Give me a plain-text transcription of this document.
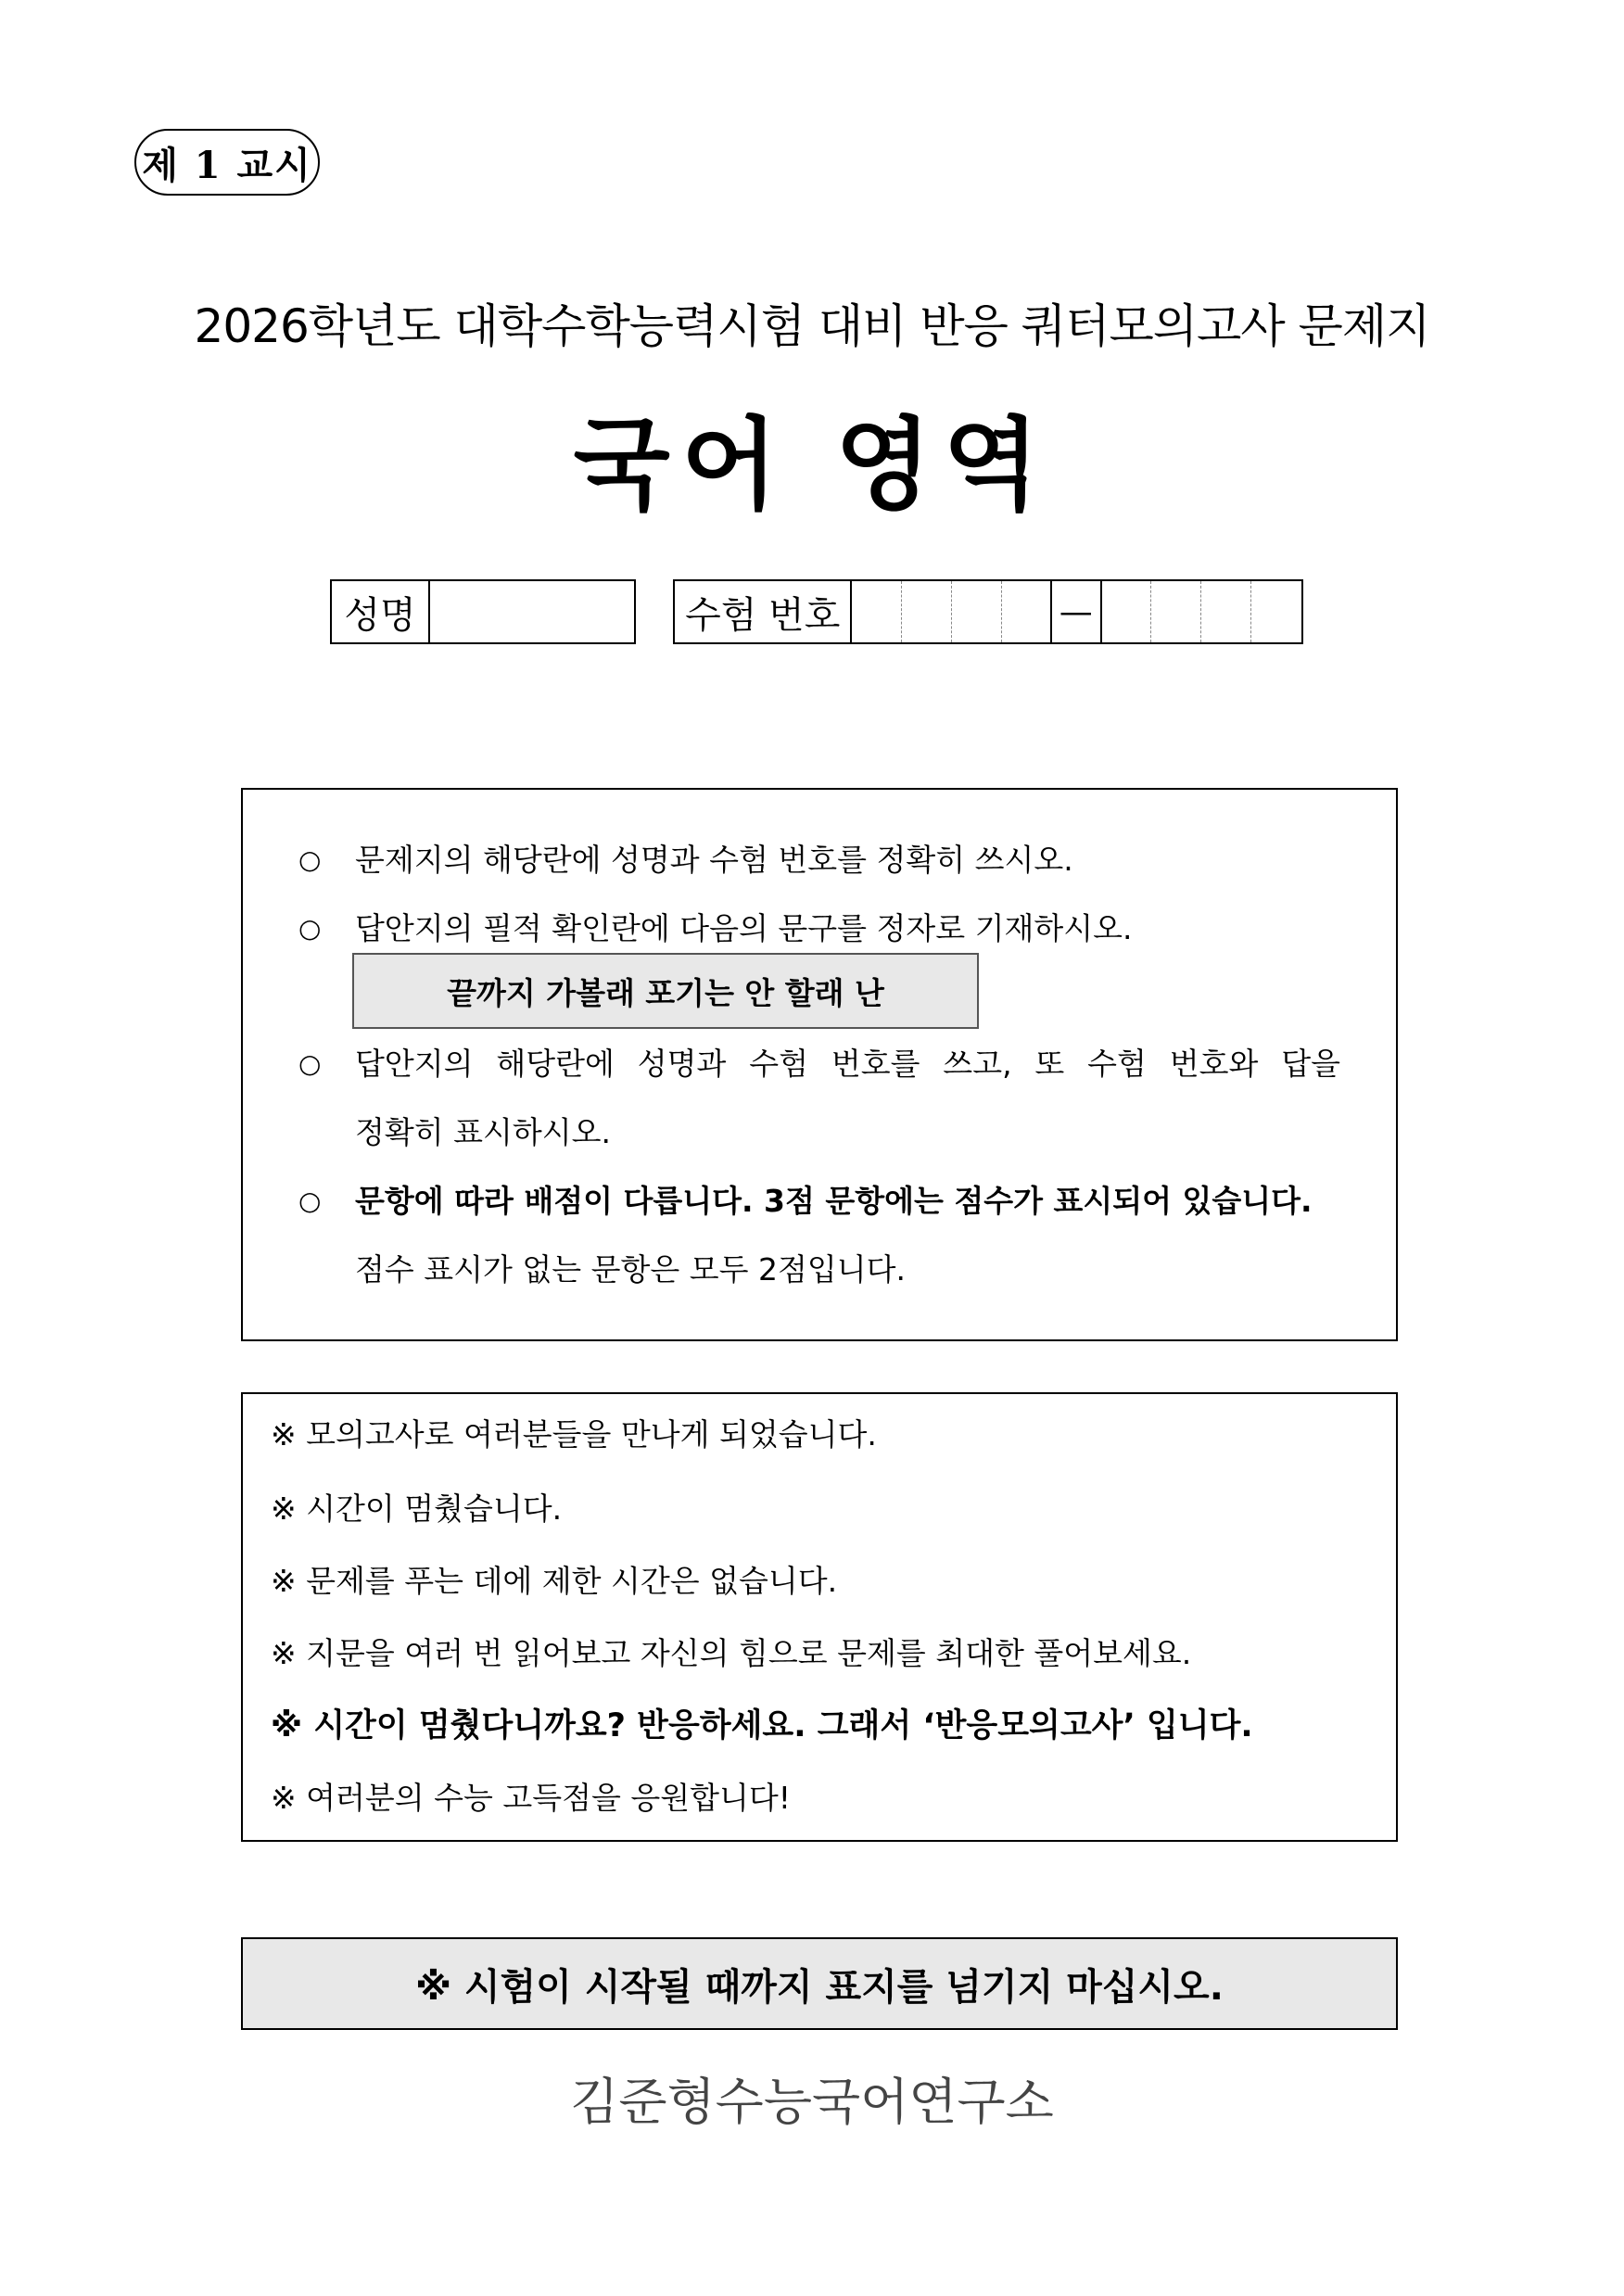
제 1 교시
2026학년도 대학수학능력시험 대비 반응 쿼터모의고사 문제지
국어 영역
성명	수험 번호	—
○ 문제지의 해당란에 성명과 수험 번호를 정확히 쓰시오.
○ 답안지의 필적 확인란에 다음의 문구를 정자로 기재하시오.
끝까지 가볼래 포기는 안 할래 난
○ 답안지의 해당란에 성명과 수험 번호를 쓰고, 또 수험 번호와 답을
정확히 표시하시오.
○ 문항에 따라 배점이 다릅니다. 3점 문항에는 점수가 표시되어 있습니다.
점수 표시가 없는 문항은 모두 2점입니다.
※ 모의고사로 여러분들을 만나게 되었습니다.
※ 시간이 멈췄습니다.
※ 문제를 푸는 데에 제한 시간은 없습니다.
※ 지문을 여러 번 읽어보고 자신의 힘으로 문제를 최대한 풀어보세요.
※ 시간이 멈췄다니까요? 반응하세요. 그래서 ‘반응모의고사’ 입니다.
※ 여러분의 수능 고득점을 응원합니다!
※ 시험이 시작될 때까지 표지를 넘기지 마십시오.
김준형수능국어연구소
